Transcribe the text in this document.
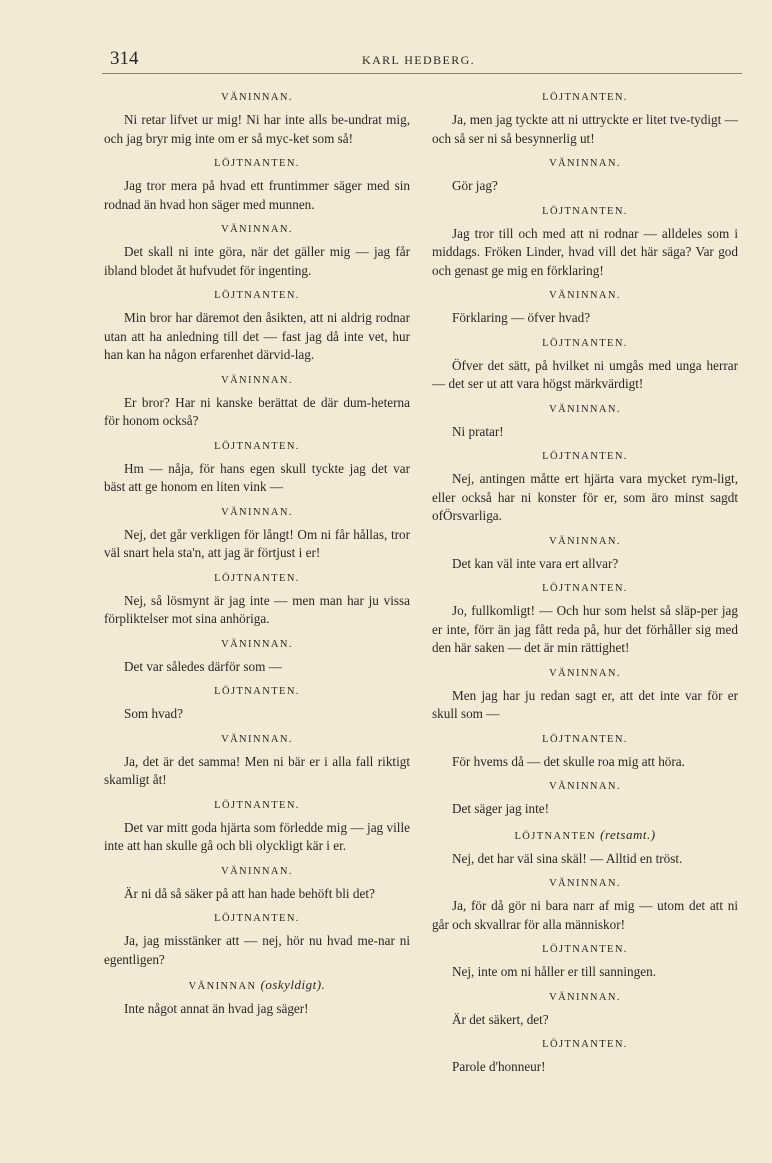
314	KARL HEDBERG.
VÄNINNAN.

Ni retar lifvet ur mig! Ni har inte alls be-undrat mig, och jag bryr mig inte om er så myc-ket som så!

LÖJTNANTEN.

Jag tror mera på hvad ett fruntimmer säger med sin rodnad än hvad hon säger med munnen.

VÄNINNAN.

Det skall ni inte göra, när det gäller mig — jag får ibland blodet åt hufvudet för ingenting.

LÖJTNANTEN.

Min bror har däremot den åsikten, att ni aldrig rodnar utan att ha anledning till det — fast jag då inte vet, hur han kan ha någon erfarenhet därvid-lag.

VÄNINNAN.

Er bror? Har ni kanske berättat de där dum-heterna för honom också?

LÖJTNANTEN.

Hm — nåja, för hans egen skull tyckte jag det var bäst att ge honom en liten vink —

VÄNINNAN.

Nej, det går verkligen för långt! Om ni får hållas, tror väl snart hela sta'n, att jag är förtjust i er!

LÖJTNANTEN.

Nej, så lösmynt är jag inte — men man har ju vissa förpliktelser mot sina anhöriga.

VÄNINNAN.

Det var således därför som —

LÖJTNANTEN.

Som hvad?

VÄNINNAN.

Ja, det är det samma! Men ni bär er i alla fall riktigt skamligt åt!

LÖJTNANTEN.

Det var mitt goda hjärta som förledde mig — jag ville inte att han skulle gå och bli olyckligt kär i er.

VÄNINNAN.

Är ni då så säker på att han hade behöft bli det?

LÖJTNANTEN.

Ja, jag misstänker att — nej, hör nu hvad me-nar ni egentligen?

VÄNINNAN (oskyldigt).

Inte något annat än hvad jag säger!

LÖJTNANTEN.

Ja, men jag tyckte att ni uttryckte er litet tve-tydigt — och så ser ni så besynnerlig ut!

VÄNINNAN.

Gör jag?

LÖJTNANTEN.

Jag tror till och med att ni rodnar — alldeles som i middags. Fröken Linder, hvad vill det här säga? Var god och genast ge mig en förklaring!

VÄNINNAN.

Förklaring — öfver hvad?

LÖJTNANTEN.

Öfver det sätt, på hvilket ni umgås med unga herrar — det ser ut att vara högst märkvärdigt!

VÄNINNAN.

Ni pratar!

LÖJTNANTEN.

Nej, antingen måtte ert hjärta vara mycket rym-ligt, eller också har ni konster för er, som äro minst sagdt ofÖrsvarliga.

VÄNINNAN.

Det kan väl inte vara ert allvar?

LÖJTNANTEN.

Jo, fullkomligt! — Och hur som helst så släp-per jag er inte, förr än jag fått reda på, hur det förhåller sig med den här saken — det är min rättighet!

VÄNINNAN.

Men jag har ju redan sagt er, att det inte var för er skull som —

LÖJTNANTEN.

För hvems då — det skulle roa mig att höra.

VÄNINNAN.

Det säger jag inte!

LÖJTNANTEN (retsamt.)

Nej, det har väl sina skäl! — Alltid en tröst.

VÄNINNAN.

Ja, för då gör ni bara narr af mig — utom det att ni går och skvallrar för alla människor!

LÖJTNANTEN.

Nej, inte om ni håller er till sanningen.

VÄNINNAN.

Är det säkert, det?

LÖJTNANTEN.

Parole d'honneur!
